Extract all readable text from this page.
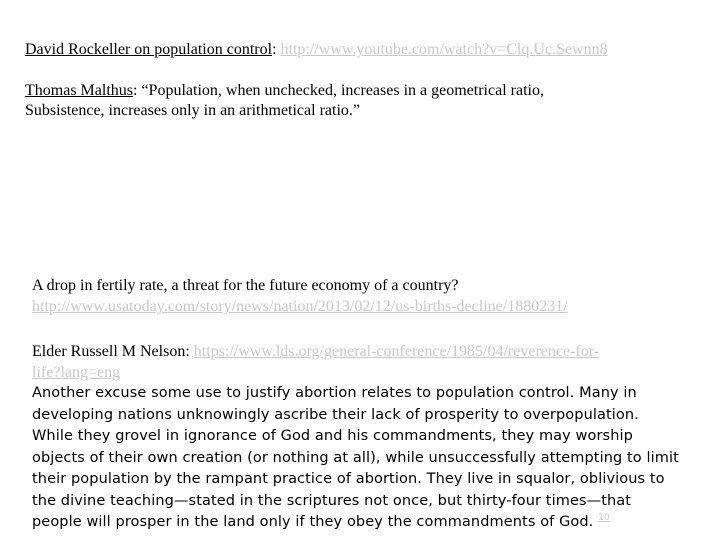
David Rockeller on population control: http://www.youtube.com/watch?v=Clq.Uc.Sewnn8
Thomas Malthus: “Population, when unchecked, increases in a geometrical ratio,
Subsistence, increases only in an arithmetical ratio.”
A drop in fertily rate, a threat for the future economy of a country?
http://www.usatoday.com/story/news/nation/2013/02/12/us-births-decline/1880231/
Elder Russell M Nelson: https://www.lds.org/general-conference/1985/04/reverence-for-
life?lang=eng
Another excuse some use to justify abortion relates to population control. Many in
developing nations unknowingly ascribe their lack of prosperity to overpopulation.
While they grovel in ignorance of God and his commandments, they may worship
objects of their own creation (or nothing at all), while unsuccessfully attempting to limit
their population by the rampant practice of abortion. They live in squalor, oblivious to
the divine teaching—stated in the scriptures not once, but thirty-four times—that
people will prosper in the land only if they obey the commandments of God. $^{10}$
